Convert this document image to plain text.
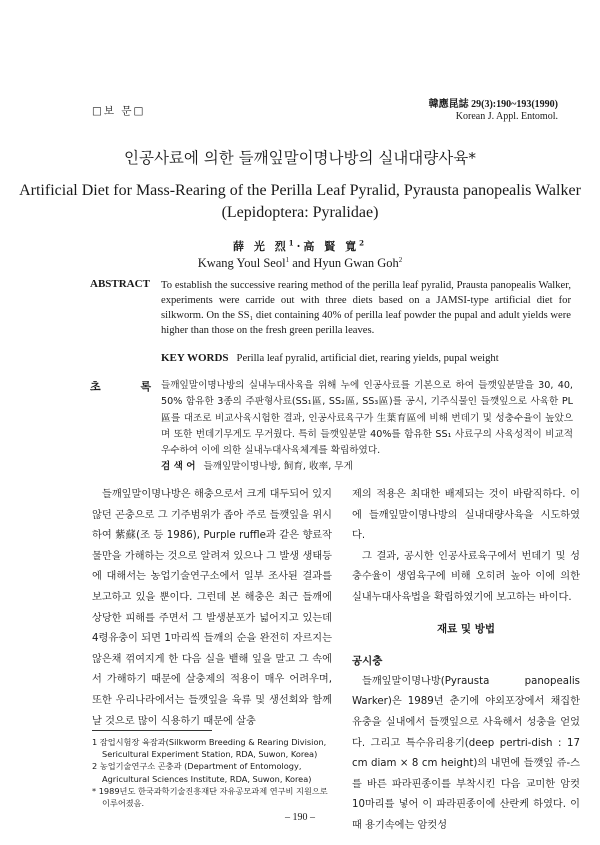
□보 문□
韓應昆誌 29(3):190~193(1990)
Korean J. Appl. Entomol.
인공사료에 의한 들깨잎말이명나방의 실내대량사육*
Artificial Diet for Mass-Rearing of the Perilla Leaf Pyralid, Pyrausta panopealis Walker
(Lepidoptera: Pyralidae)
薛 光 烈$^1$·高 賢 寬$^2$
Kwang Youl Seol$^1$ and Hyun Gwan Goh$^2$
ABSTRACT To establish the successive rearing method of the perilla leaf pyralid, Prausta panopealis Walker, experiments were carride out with three diets based on a JAMSI-type artificial diet for silkworm. On the SS₁ diet containing 40% of perilla leaf powder the pupal and adult yields were higher than those on the fresh green perilla leaves.
KEY WORDS Perilla leaf pyralid, artificial diet, rearing yields, pupal weight
초 록
들깨잎말이명나방의 실내누대사육을 위해 누에 인공사료를 기본으로 하여 들깻잎분말을 30, 40, 50% 함유한 3종의 주판형사료(SS₁區, SS₂區, SS₃區)를 공시, 기주식물인 들깻잎으로 사육한 PL區를 대조로 비교사육시험한 결과, 인공사료육구가 生葉育區에 비해 번데기 및 성충수율이 높았으며 또한 번데기무게도 무거웠다. 특히 들깻잎분말 40%를 함유한 SS₁ 사료구의 사육성적이 비교적 우수하여 이에 의한 실내누대사육체계를 확립하였다.
검 색 어 들깨잎말이명나방, 飼育, 收率, 무게

들깨잎말이명나방은 해충으로서 크게 대두되어 있지 않던 곤충으로 그 기주범위가 좁아 주로 들깻잎을 위시하여 紫蘇(조 등 1986), Purple ruffle과 같은 향료작물만을 가해하는 것으로 알려져 있으나 그 발생 생태등에 대해서는 농업기술연구소에서 일부 조사된 결과를 보고하고 있을 뿐이다. 그런데 본 해충은 최근 들깨에 상당한 피해를 주면서 그 발생분포가 넓어지고 있는데 4령유충이 되면 1마리씩 들깨의 순을 완전히 자르지는 않은채 꺾여지게 한 다음 실을 뱉해 잎을 말고 그 속에서 가해하기 때문에 살충제의 적용이 매우 어려우며, 또한 우리나라에서는 들깻잎을 육류 및 생선회와 함께 날 것으로 많이 식용하기 때문에 살충

제의 적용은 최대한 배제되는 것이 바람직하다. 이에 들깨잎말이명나방의 실내대량사육을 시도하였다.

그 결과, 공시한 인공사료육구에서 번데기 및 성충수율이 생엽육구에 비해 오히려 높아 이에 의한 실내누대사육법을 확립하였기에 보고하는 바이다.

재료 및 방법
공시충

들깨잎말이명나방(Pyrausta panopealis Warker)은 1989년 춘기에 야외포장에서 채집한 유충을 실내에서 들깻잎으로 사육해서 성충을 얻었다. 그리고 특수유리용기(deep pertri-dish : 17 cm diam × 8 cm height)의 내면에 들깻잎 쥬-스를 바른 파라핀종이를 부착시킨 다음 교미한 암컷 10마리를 넣어 이 파라핀종이에 산란케 하였다. 이 때 용기속에는 암컷성

1 잠업시험장 육잠과(Silkworm Breeding & Rearing Division, Sericultural Experiment Station, RDA, Suwon, Korea)

2 농업기술연구소 곤충과 (Department of Entomology, Agricultural Sciences Institute, RDA, Suwon, Korea)

* 1989년도 한국과학기술진흥재단 자유공모과제 연구비 지원으로 이루어졌음.

– 190 –
